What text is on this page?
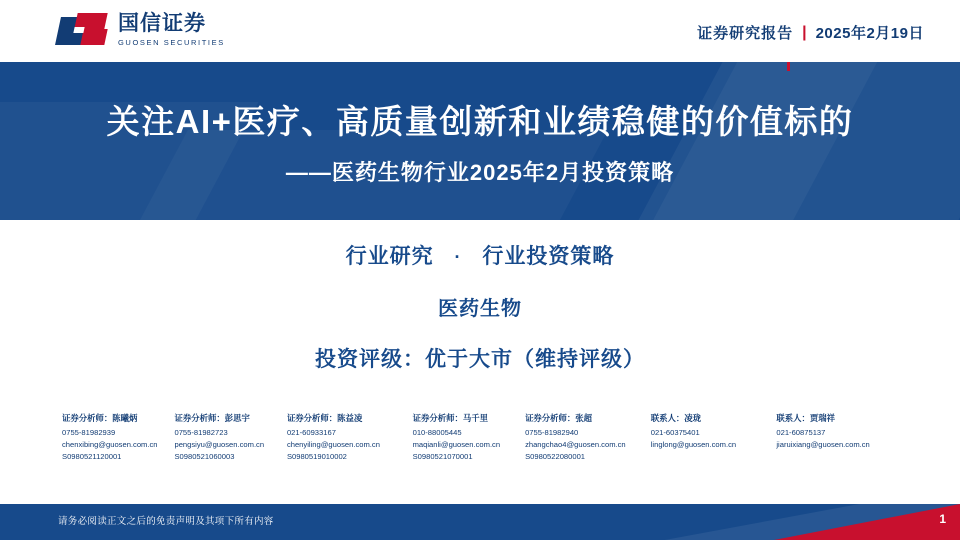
国信证券
GUOSEN SECURITIES
证券研究报告 | 2025年2月19日
关注AI+医疗、高质量创新和业绩稳健的价值标的
——医药生物行业2025年2月投资策略
行业研究 · 行业投资策略
医药生物
投资评级：优于大市（维持评级）
证券分析师：陈曦炳
0755-81982939
chenxibing@guosen.com.cn
S0980521120001
证券分析师：彭思宇
0755-81982723
pengsiyu@guosen.com.cn
S0980521060003
证券分析师：陈益凌
021-60933167
chenyiling@guosen.com.cn
S0980519010002
证券分析师：马千里
010-88005445
maqianli@guosen.com.cn
S0980521070001
证券分析师：张超
0755-81982940
zhangchao4@guosen.com.cn
S0980522080001
联系人：凌珑
021-60375401
linglong@guosen.com.cn
联系人：贾瑞祥
021-60875137
jiaruixiang@guosen.com.cn
请务必阅读正文之后的免责声明及其项下所有内容	1
